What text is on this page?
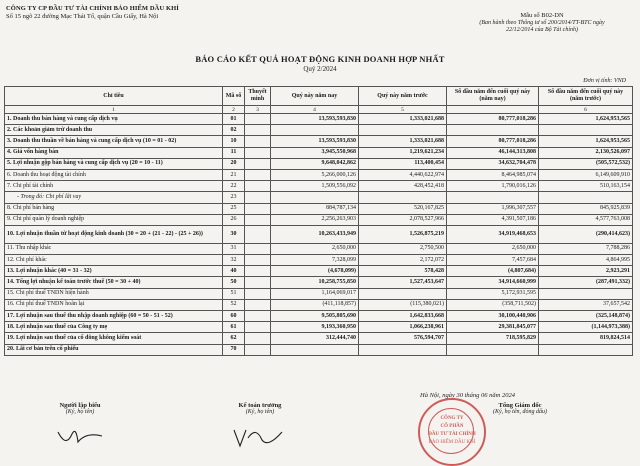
CÔNG TY CP ĐẦU TƯ TÀI CHÍNH BẢO HIỂM DẦU KHÍ
Số 15 ngõ 22 đường Mạc Thái Tổ, quận Cầu Giấy, Hà Nội	Mẫu số B02-DN
(Ban hành theo Thông tư số 200/2014/TT-BTC ngày
22/12/2014 của Bộ Tài chính)
BÁO CÁO KẾT QUẢ HOẠT ĐỘNG KINH DOANH HỢP NHẤT
Quý 2/2024
Đơn vị tính: VND
Chỉ tiêu	Mã số	Thuyết minh	Quý này năm nay	Quý này năm trước	Số đầu năm đến cuối quý này (năm nay)	Số đầu năm đến cuối quý này (năm trước)
1	2	3	4	5		6
1. Doanh thu bán hàng và cung cấp dịch vụ	01		13,593,593,830	1,333,021,688	80,777,018,286	1,624,953,565
2. Các khoản giảm trừ doanh thu	02					
3. Doanh thu thuần về bán hàng và cung cấp dịch vụ (10 = 01 - 02)	10		13,593,593,830	1,333,021,688	80,777,018,286	1,624,953,565
4. Giá vốn hàng bán	11		3,945,550,968	1,219,621,234	46,144,313,808	2,130,526,097
5. Lợi nhuận gộp bán hàng và cung cấp dịch vụ (20 = 10 - 11)	20		9,648,042,862	113,400,454	34,632,704,478	(505,572,532)
6. Doanh thu hoạt động tài chính	21		5,266,000,126	4,440,622,974	8,464,985,074	6,149,609,910
7. Chi phí tài chính	22		1,509,556,092	428,452,418	1,790,016,126	510,163,154
- Trong đó: Chi phí lãi vay	23					
8. Chi phí bán hàng	25		884,787,134	520,167,825	1,996,307,557	845,925,839
9. Chi phí quản lý doanh nghiệp	26		2,256,263,903	2,078,527,966	4,391,507,186	4,577,763,008
10. Lợi nhuận thuần từ hoạt động kinh doanh (30 = 20 + (21 - 22) - (25 + 26))	30		10,263,433,949	1,526,875,219	34,919,468,653	(290,414,623)
11. Thu nhập khác	31		2,650,000	2,750,500	2,650,000	7,788,286
12. Chi phí khác	32		7,328,099	2,172,072	7,457,684	4,864,995
13. Lợi nhuận khác (40 = 31 - 32)	40		(4,678,099)	578,428	(4,807,684)	2,923,291
14. Tổng lợi nhuận kế toán trước thuế (50 = 30 + 40)	50		10,258,755,850	1,527,453,647	34,914,660,999	(287,491,332)
15. Chi phí thuế TNDN hiện hành	51		1,164,069,017		5,172,931,595	
16. Chi phí thuế TNDN hoãn lại	52		(411,118,857)	(115,380,021)	(358,711,502)	37,657,542
17. Lợi nhuận sau thuế thu nhập doanh nghiệp (60 = 50 - 51 - 52)	60		9,505,805,690	1,642,833,668	30,100,440,906	(325,148,874)
18. Lợi nhuận sau thuế của Công ty mẹ	61		9,193,360,950	1,066,238,961	29,381,845,077	(1,144,973,388)
19. Lợi nhuận sau thuế của cổ đông không kiểm soát	62		312,444,740	576,594,707	718,595,829	819,824,514
20. Lãi cơ bản trên cổ phiếu	70					
Người lập biểu
(Ký, họ tên)
Kế toán trưởng
(Ký, họ tên)
Hà Nội, ngày 30 tháng 06 năm 2024
Tổng Giám đốc
(Ký, họ tên, đóng dấu)
CÔNG TY
CỔ PHẦN
ĐẦU TƯ TÀI CHÍNH
BẢO HIỂM DẦU KHÍ
